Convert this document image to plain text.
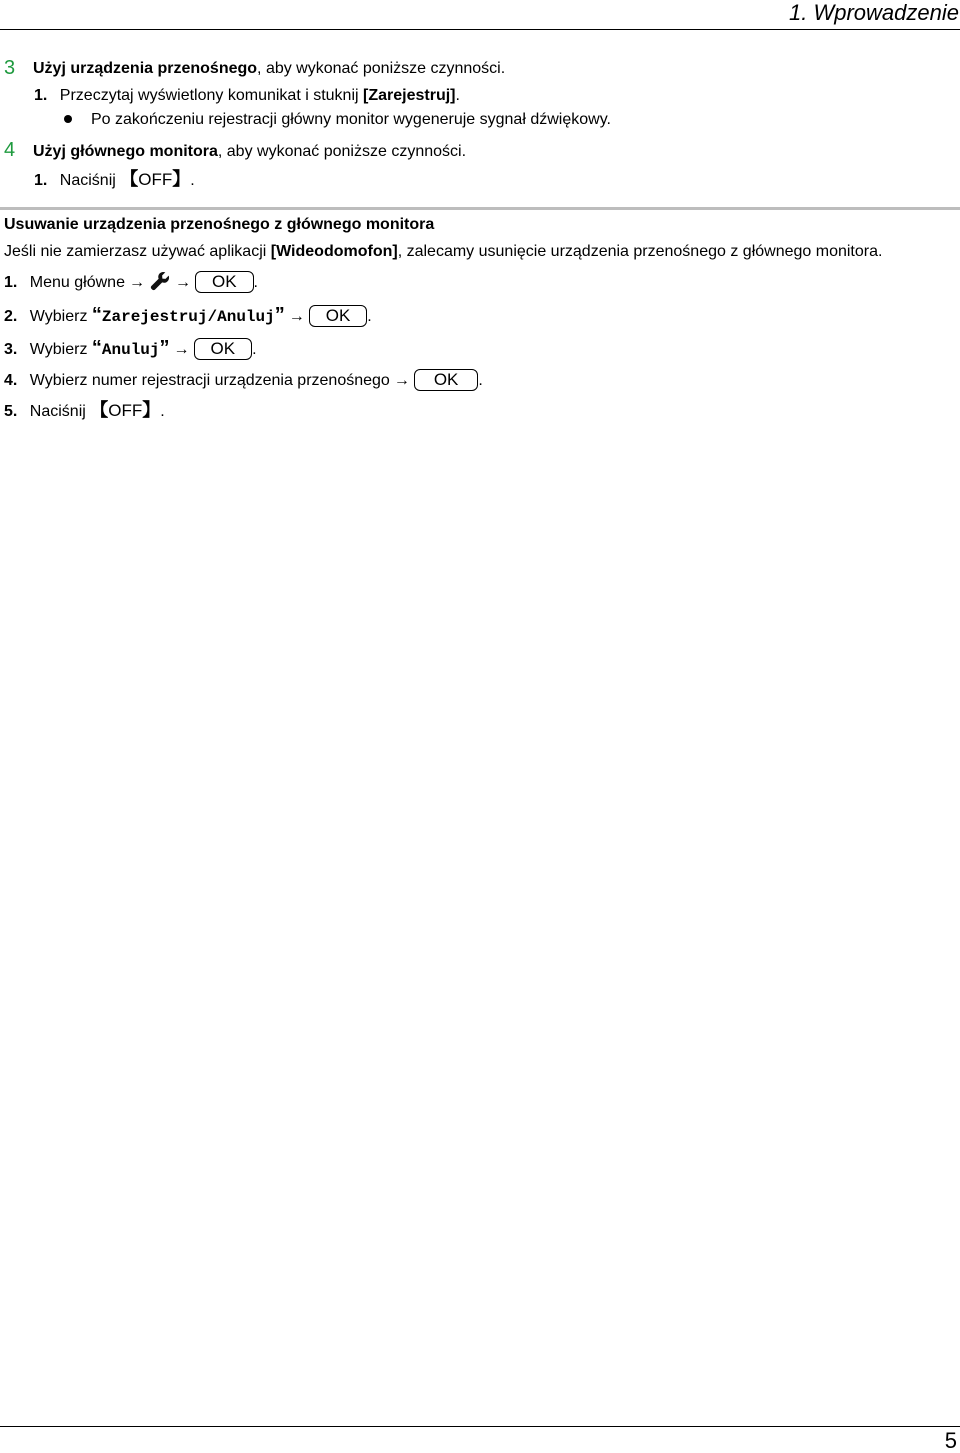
1. Wprowadzenie
3 Użyj urządzenia przenośnego, aby wykonać poniższe czynności.
1. Przeczytaj wyświetlony komunikat i stuknij [Zarejestruj].
Po zakończeniu rejestracji główny monitor wygeneruje sygnał dźwiękowy.
4 Użyj głównego monitora, aby wykonać poniższe czynności.
1. Naciśnij 【OFF】.
Usuwanie urządzenia przenośnego z głównego monitora
Jeśli nie zamierzasz używać aplikacji [Wideodomofon], zalecamy usunięcie urządzenia przenośnego z głównego monitora.
1. Menu główne → → OK .
2. Wybierz “Zarejestruj/Anuluj” → OK .
3. Wybierz “Anuluj” → OK .
4. Wybierz numer rejestracji urządzenia przenośnego → OK .
5. Naciśnij 【OFF】.
5
